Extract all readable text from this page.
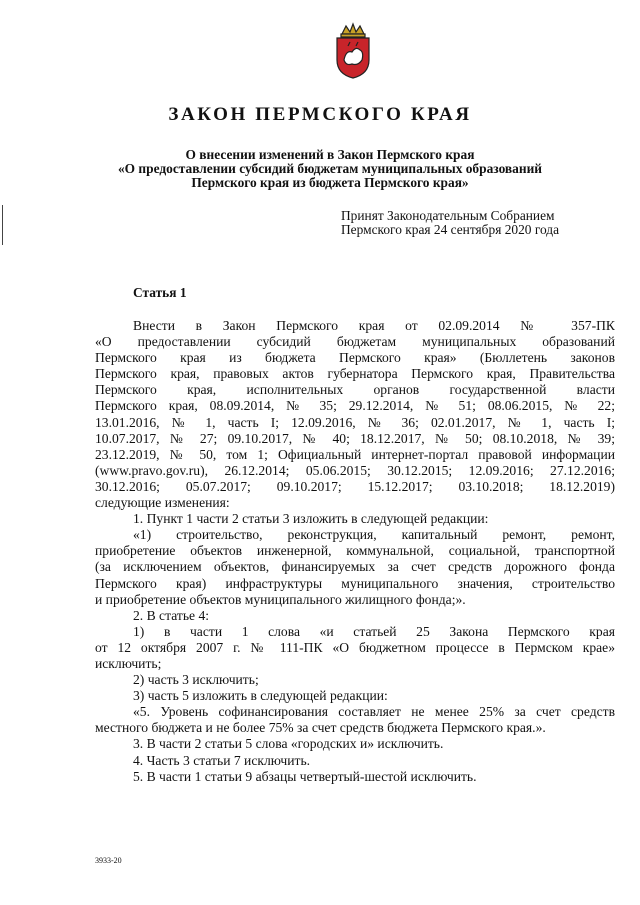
ЗАКОН ПЕРМСКОГО КРАЯ
О внесении изменений в Закон Пермского края
«О предоставлении субсидий бюджетам муниципальных образований
Пермского края из бюджета Пермского края»
Принят Законодательным Собранием
Пермского края 24 сентября 2020 года
Статья 1

Внести в Закон Пермского края от 02.09.2014 № 357-ПК

«О предоставлении субсидий бюджетам муниципальных образований

Пермского края из бюджета Пермского края» (Бюллетень законов

Пермского края, правовых актов губернатора Пермского края, Правительства

Пермского края, исполнительных органов государственной власти

Пермского края, 08.09.2014, № 35; 29.12.2014, № 51; 08.06.2015, № 22;

13.01.2016, № 1, часть I; 12.09.2016, № 36; 02.01.2017, № 1, часть I;

10.07.2017, № 27; 09.10.2017, № 40; 18.12.2017, № 50; 08.10.2018, № 39;

23.12.2019, № 50, том 1; Официальный интернет-портал правовой информации

(www.pravo.gov.ru), 26.12.2014; 05.06.2015; 30.12.2015; 12.09.2016; 27.12.2016;

30.12.2016; 05.07.2017; 09.10.2017; 15.12.2017; 03.10.2018; 18.12.2019)

следующие изменения:

1. Пункт 1 части 2 статьи 3 изложить в следующей редакции:

«1) строительство, реконструкция, капитальный ремонт, ремонт,

приобретение объектов инженерной, коммунальной, социальной, транспортной

(за исключением объектов, финансируемых за счет средств дорожного фонда

Пермского края) инфраструктуры муниципального значения, строительство

и приобретение объектов муниципального жилищного фонда;».

2. В статье 4:

1) в части 1 слова «и статьей 25 Закона Пермского края

от 12 октября 2007 г. № 111-ПК «О бюджетном процессе в Пермском крае»

исключить;

2) часть 3 исключить;

3) часть 5 изложить в следующей редакции:

«5. Уровень софинансирования составляет не менее 25% за счет средств

местного бюджета и не более 75% за счет средств бюджета Пермского края.».

3. В части 2 статьи 5 слова «городских и» исключить.

4. Часть 3 статьи 7 исключить.

5. В части 1 статьи 9 абзацы четвертый-шестой исключить.

3933-20
